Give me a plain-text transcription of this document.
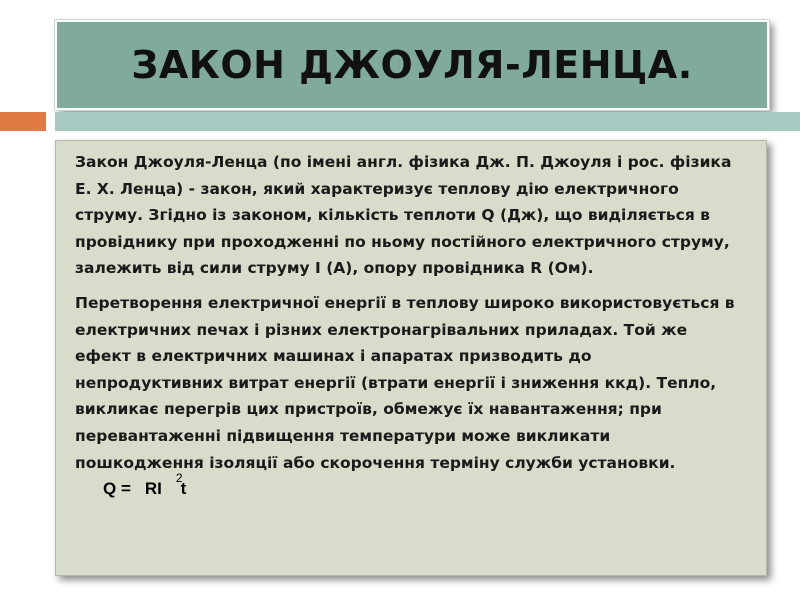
ЗАКОН ДЖОУЛЯ-ЛЕНЦА.

Закон Джоуля-Ленца (по імені англ. фізика Дж. П. Джоуля і рос. фізика Е. Х. Ленца) - закон, який характеризує теплову дію електричного струму. Згідно із законом, кількість теплоти Q (Дж), що виділяється в провіднику при проходженні по ньому постійного електричного струму, залежить від сили струму I (А), опору провідника R (Ом).

Перетворення електричної енергії в теплову широко використовується в електричних печах і різних електронагрівальних приладах. Той же ефект в електричних машинах і апаратах призводить до непродуктивних витрат енергії (втрати енергії і зниження ккд). Тепло, викликає перегрів цих пристроїв, обмежує їх навантаження; при перевантаженні підвищення температури може викликати пошкодження ізоляції або скорочення терміну служби установки.Q = RI2t
